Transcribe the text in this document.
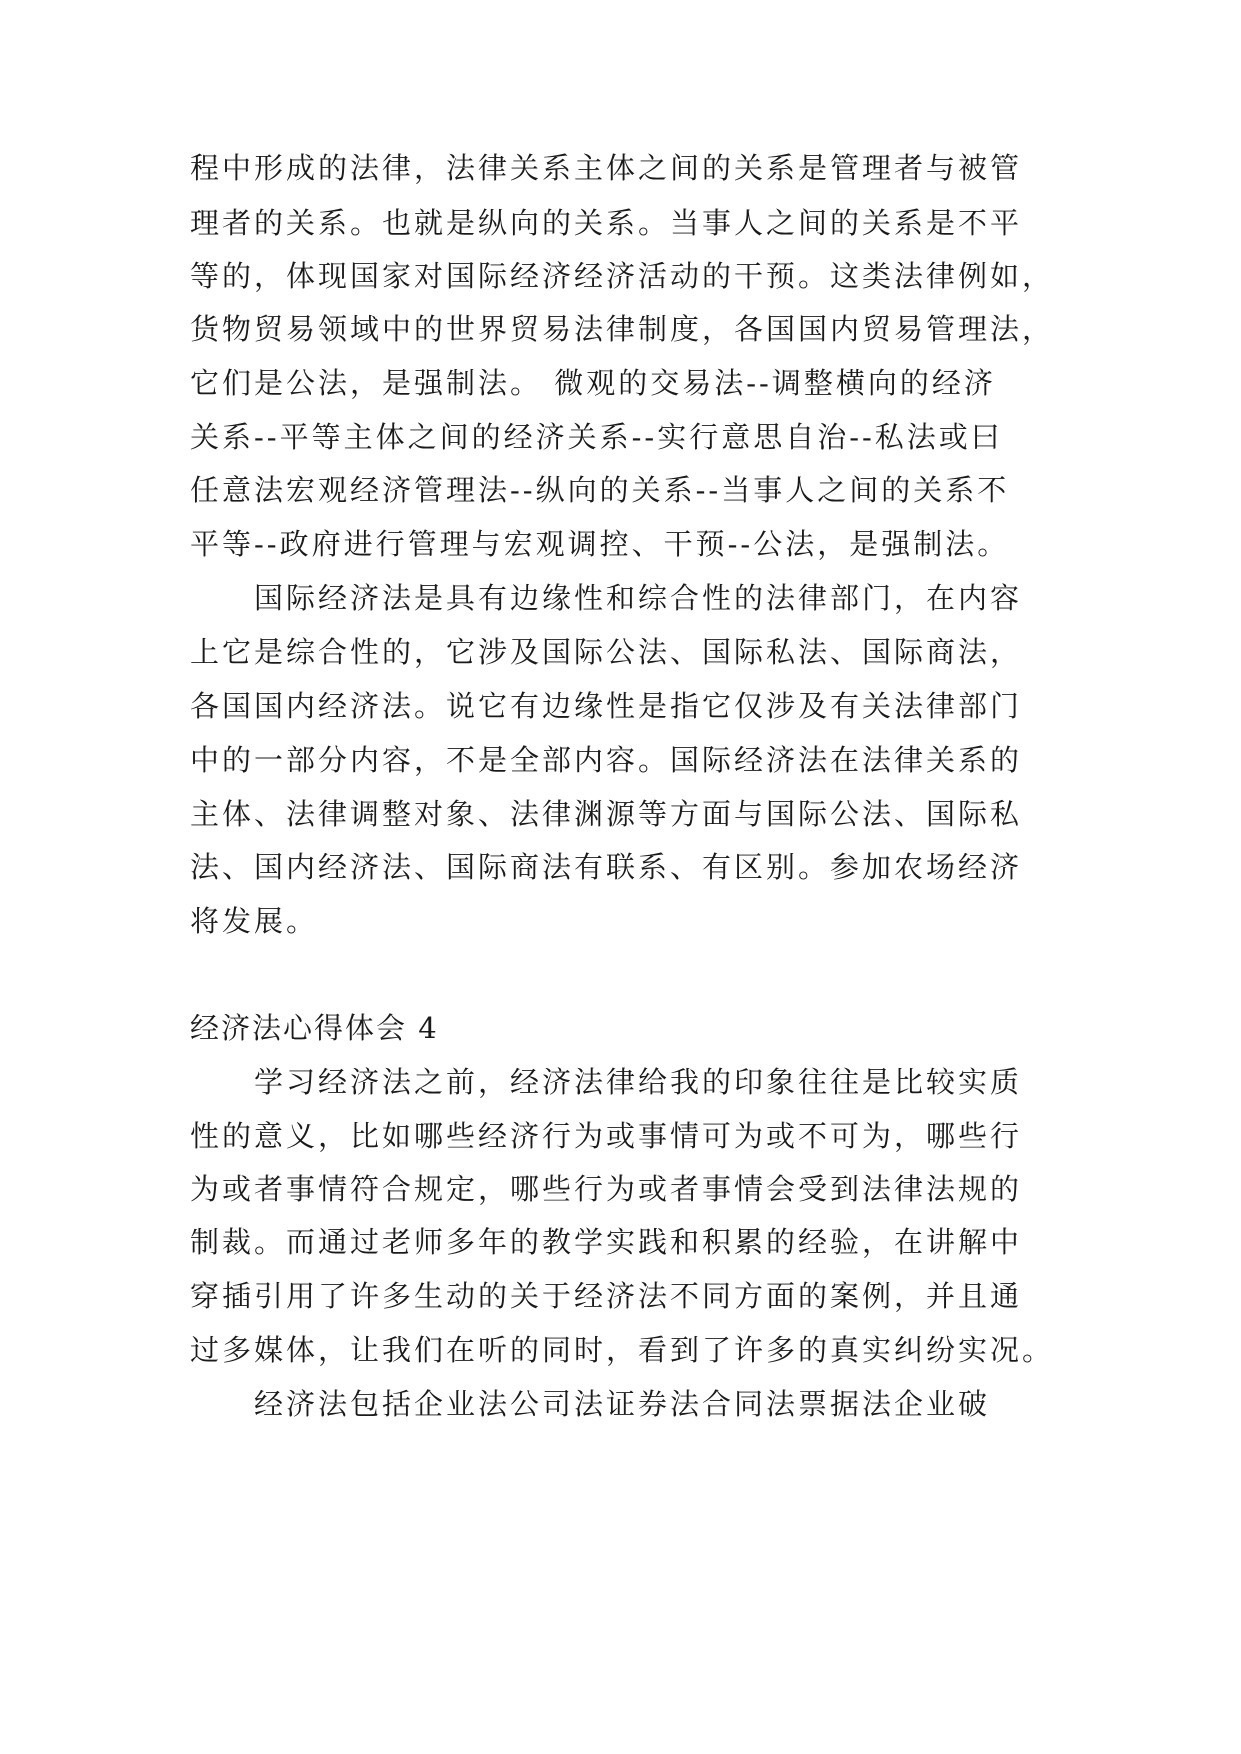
程中形成的法律，法律关系主体之间的关系是管理者与被管
理者的关系。也就是纵向的关系。当事人之间的关系是不平
等的，体现国家对国际经济经济活动的干预。这类法律例如，
货物贸易领域中的世界贸易法律制度，各国国内贸易管理法，
它们是公法，是强制法。 微观的交易法--调整横向的经济
关系--平等主体之间的经济关系--实行意思自治--私法或曰
任意法宏观经济管理法--纵向的关系--当事人之间的关系不
平等--政府进行管理与宏观调控、干预--公法，是强制法。
国际经济法是具有边缘性和综合性的法律部门，在内容
上它是综合性的，它涉及国际公法、国际私法、国际商法，
各国国内经济法。说它有边缘性是指它仅涉及有关法律部门
中的一部分内容，不是全部内容。国际经济法在法律关系的
主体、法律调整对象、法律渊源等方面与国际公法、国际私
法、国内经济法、国际商法有联系、有区别。参加农场经济
将发展。
经济法心得体会 4
学习经济法之前，经济法律给我的印象往往是比较实质
性的意义，比如哪些经济行为或事情可为或不可为，哪些行
为或者事情符合规定，哪些行为或者事情会受到法律法规的
制裁。而通过老师多年的教学实践和积累的经验，在讲解中
穿插引用了许多生动的关于经济法不同方面的案例，并且通
过多媒体，让我们在听的同时，看到了许多的真实纠纷实况。
经济法包括企业法公司法证券法合同法票据法企业破
